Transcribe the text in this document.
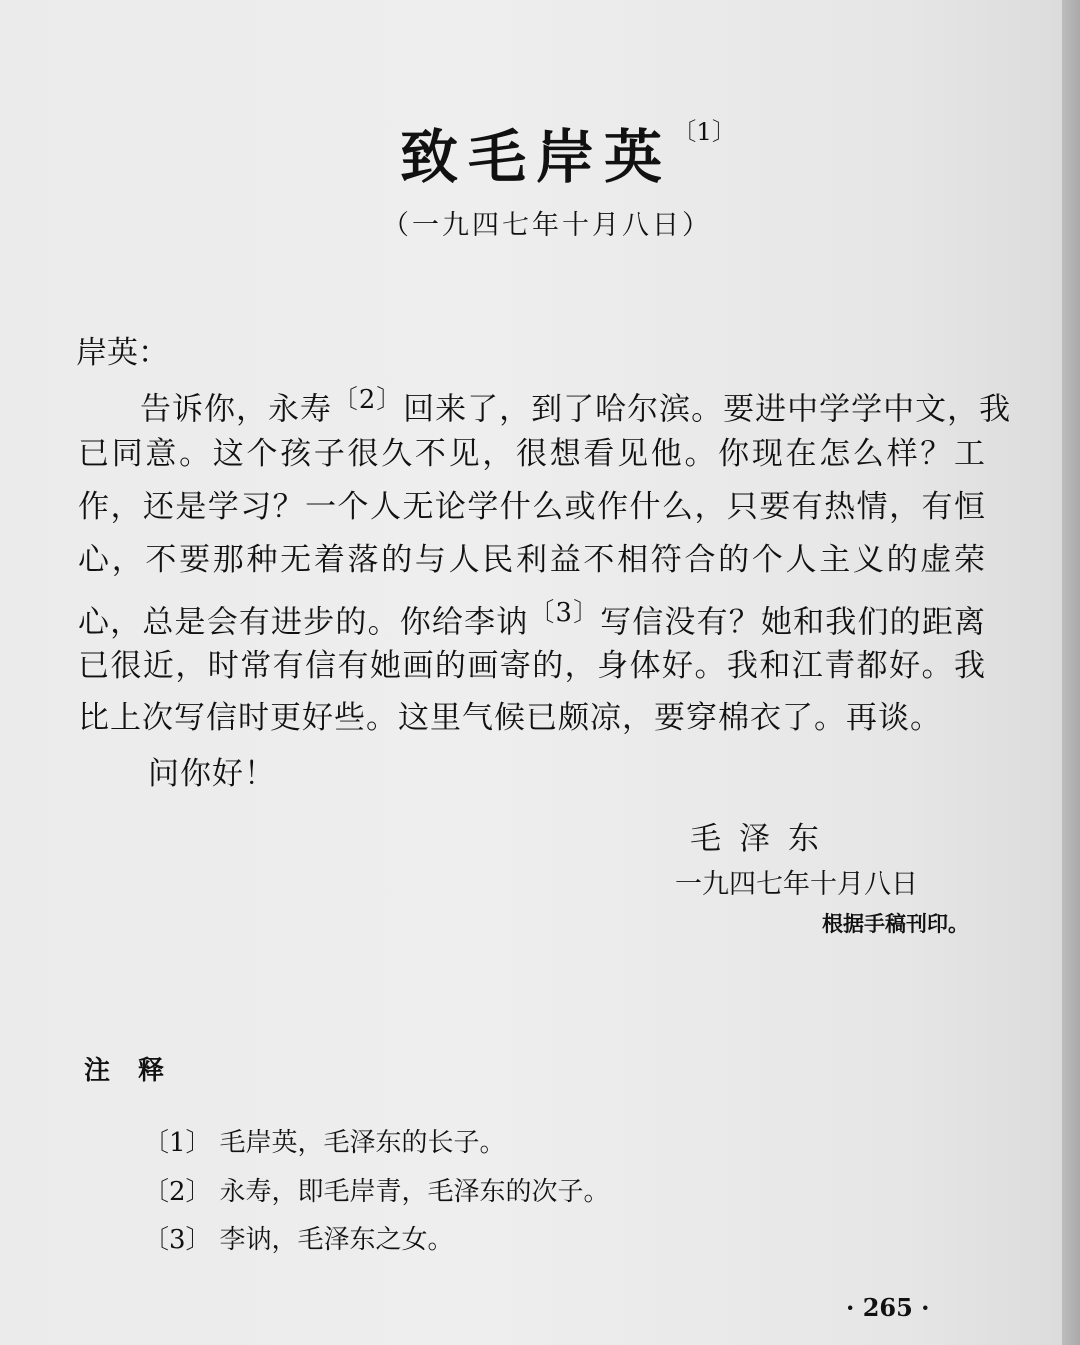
致毛岸英$^{〔1〕}$
（一九四七年十月八日）
岸英：
告诉你，永寿$^{〔2〕}$回来了，到了哈尔滨。要进中学学中文，我
已同意。这个孩子很久不见，很想看见他。你现在怎么样？工
作，还是学习？一个人无论学什么或作什么，只要有热情，有恒
心，不要那种无着落的与人民利益不相符合的个人主义的虚荣
心，总是会有进步的。你给李讷$^{〔3〕}$写信没有？她和我们的距离
已很近，时常有信有她画的画寄的，身体好。我和江青都好。我
比上次写信时更好些。这里气候已颇凉，要穿棉衣了。再谈。
问你好！
毛泽东
一九四七年十月八日
根据手稿刊印。
注释
〔1〕 毛岸英，毛泽东的长子。
〔2〕 永寿，即毛岸青，毛泽东的次子。
〔3〕 李讷，毛泽东之女。
· 265 ·
